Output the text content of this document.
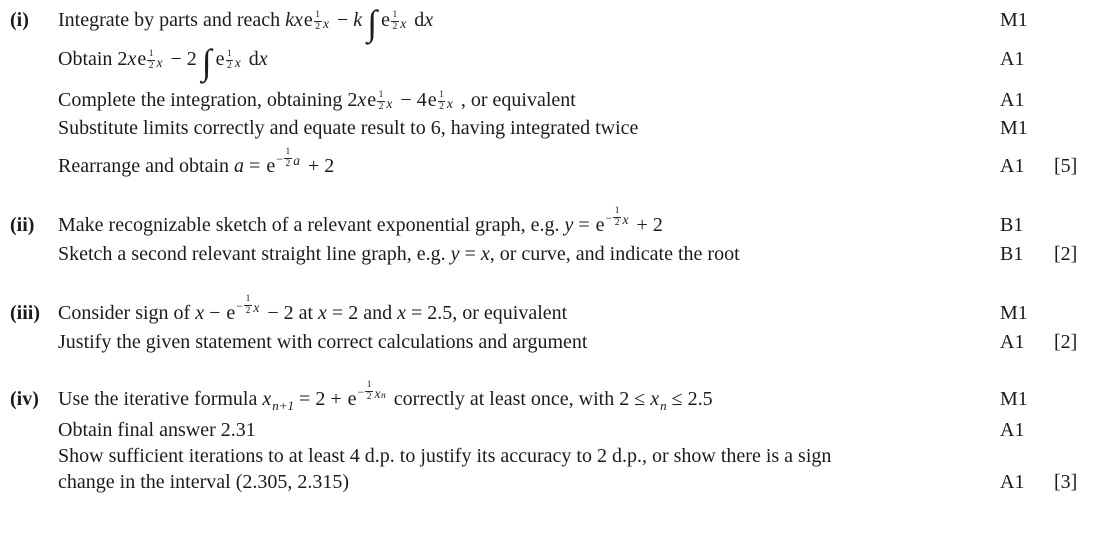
(i)	Integrate by parts and reach kxe $\frac{1}{2}$ x − k ∫ e $\frac{1}{2}$ x dx	M1
Obtain $2xe \frac{1}{2}$ x − 2 ∫ e $\frac{1}{2}$ x dx	A1
Complete the integration, obtaining $2xe \frac{1}{2}$ $x - 4e \frac{1}{2}$ x , or equivalent	A1
Substitute limits correctly and equate result to 6, having integrated twice	M1
Rearrange and obtain $a = e - \frac{1}{2}$ a + 2	A1	[5]
(ii)	Make recognizable sketch of a relevant exponential graph, e.g. $y = e - \frac{1}{2}$ x + 2	B1
Sketch a second relevant straight line graph, e.g. y = x, or curve, and indicate the root	B1	[2]
(iii) Consider sign of $x - e - \frac{1}{2}$ x − 2 at x = 2 and x = 2.5, or equivalent	M1
Justify the given statement with correct calculations and argument	A1	[2]
(iv) Use the iterative formula $x_{n+1} = 2 + e - \frac{1}{2}$ x n correctly at least once, with $2 \le x_n \le 2.5$	M1
Obtain final answer 2.31	A1
Show sufficient iterations to at least 4 d.p. to justify its accuracy to 2 d.p., or show there is a sign
change in the interval (2.305, 2.315)	A1	[3]
